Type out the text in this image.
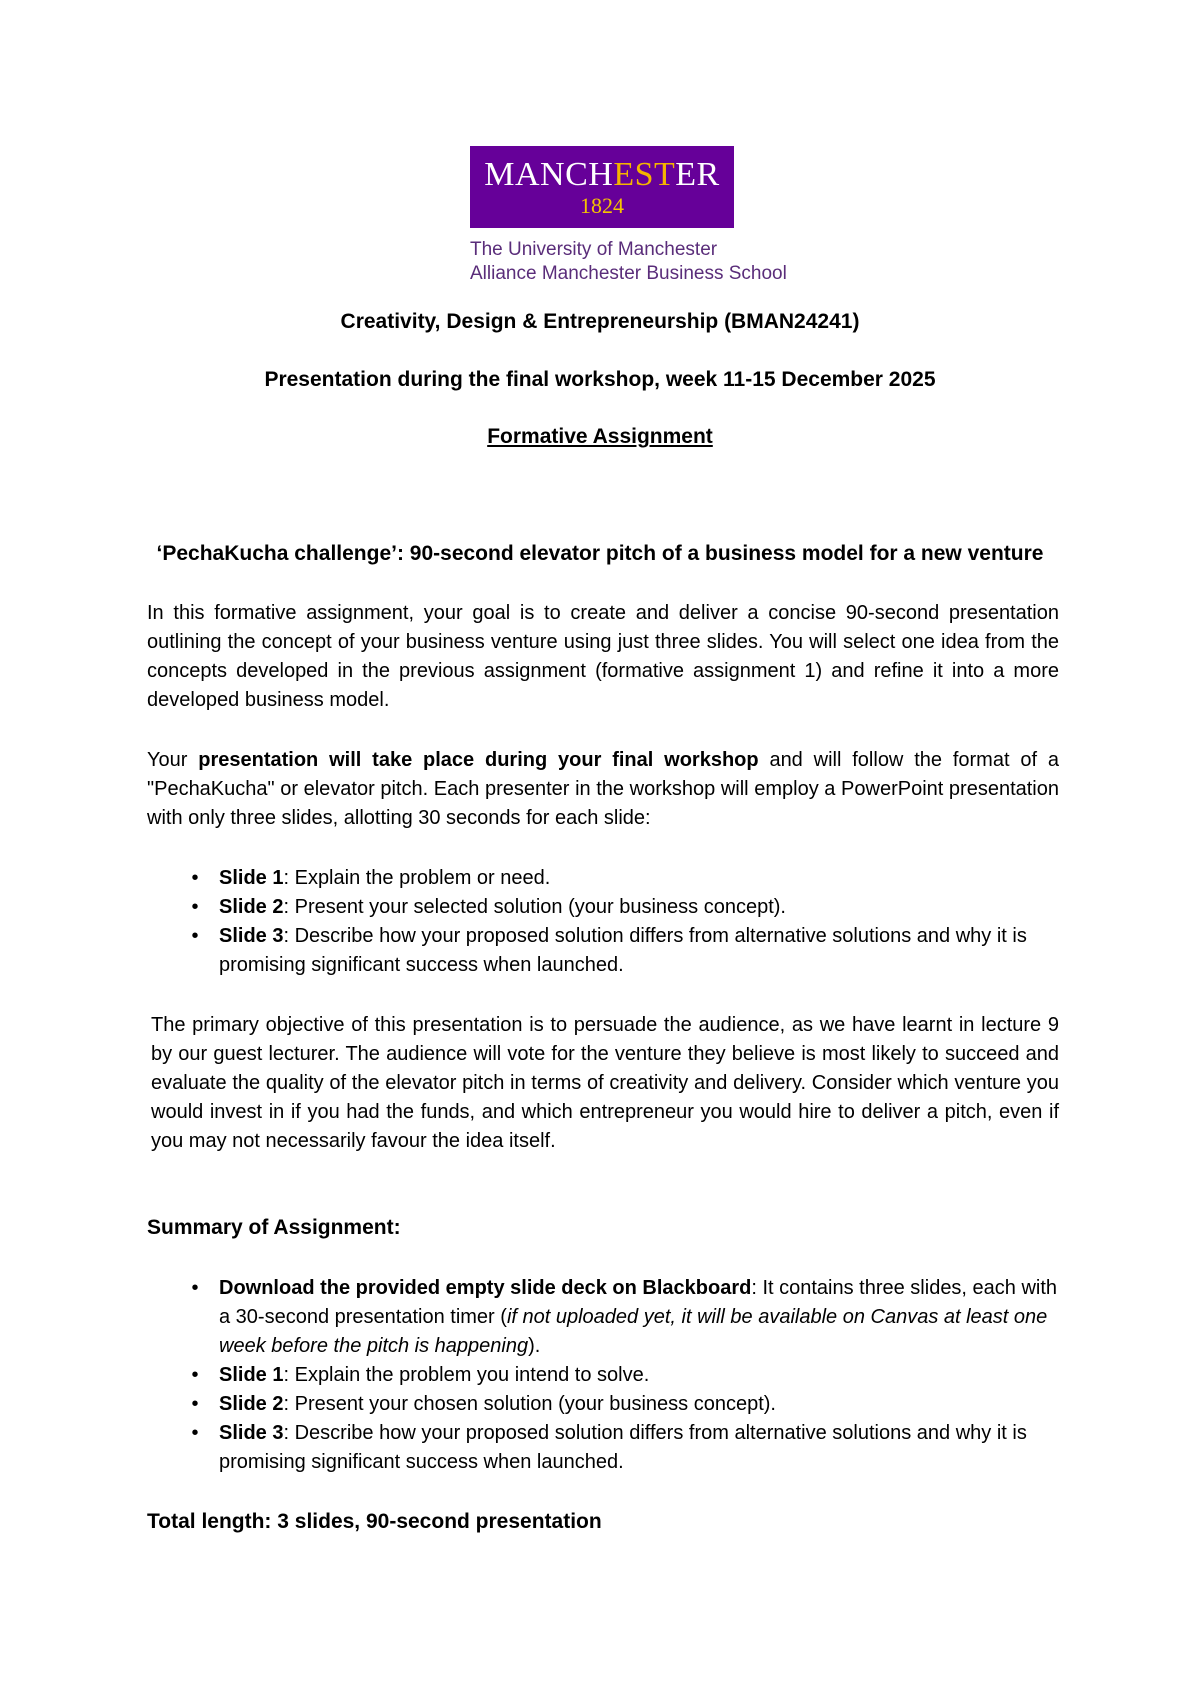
MANCHESTER
1824
The University of Manchester
Alliance Manchester Business School
Creativity, Design & Entrepreneurship (BMAN24241)
Presentation during the final workshop, week 11-15 December 2025
Formative Assignment
‘PechaKucha challenge’: 90-second elevator pitch of a business model for a new venture
In this formative assignment, your goal is to create and deliver a concise 90-second presentation outlining the concept of your business venture using just three slides. You will select one idea from the concepts developed in the previous assignment (formative assignment 1) and refine it into a more developed business model.
Your presentation will take place during your final workshop and will follow the format of a "PechaKucha" or elevator pitch. Each presenter in the workshop will employ a PowerPoint presentation with only three slides, allotting 30 seconds for each slide:
•	Slide 1: Explain the problem or need.
•	Slide 2: Present your selected solution (your business concept).
•	Slide 3: Describe how your proposed solution differs from alternative solutions and why it is promising significant success when launched.
The primary objective of this presentation is to persuade the audience, as we have learnt in lecture 9 by our guest lecturer. The audience will vote for the venture they believe is most likely to succeed and evaluate the quality of the elevator pitch in terms of creativity and delivery. Consider which venture you would invest in if you had the funds, and which entrepreneur you would hire to deliver a pitch, even if you may not necessarily favour the idea itself.
Summary of Assignment:
•	Download the provided empty slide deck on Blackboard: It contains three slides, each with a 30-second presentation timer (if not uploaded yet, it will be available on Canvas at least one week before the pitch is happening).
•	Slide 1: Explain the problem you intend to solve.
•	Slide 2: Present your chosen solution (your business concept).
•	Slide 3: Describe how your proposed solution differs from alternative solutions and why it is promising significant success when launched.
Total length: 3 slides, 90-second presentation
